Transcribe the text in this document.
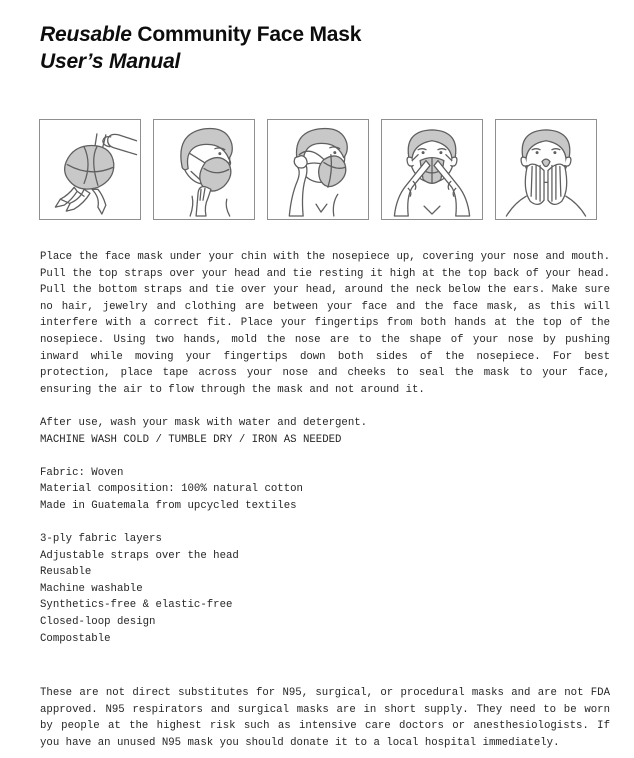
Reusable Community Face Mask
User’s Manual

Place the face mask under your chin with the nosepiece up, covering your nose and mouth. Pull the top straps over your head and tie resting it high at the top back of your head. Pull the bottom straps and tie over your head, around the neck below the ears. Make sure no hair, jewelry and clothing are between your face and the face mask, as this will interfere with a correct fit. Place your fingertips from both hands at the top of the nosepiece. Using two hands, mold the nose are to the shape of your nose by pushing inward while moving your fingertips down both sides of the nosepiece. For best protection, place tape across your nose and cheeks to seal the mask to your face, ensuring the air to flow through the mask and not around it.

After use, wash your mask with water and detergent.

MACHINE WASH COLD / TUMBLE DRY / IRON AS NEEDED

Fabric: Woven

Material composition: 100% natural cotton

Made in Guatemala from upcycled textiles

3-ply fabric layers

Adjustable straps over the head

Reusable

Machine washable

Synthetics-free & elastic-free

Closed-loop design

Compostable

These are not direct substitutes for N95, surgical, or procedural masks and are not FDA approved. N95 respirators and surgical masks are in short supply. They need to be worn by people at the highest risk such as intensive care doctors or anesthesiologists. If you have an unused N95 mask you should donate it to a local hospital immediately.
